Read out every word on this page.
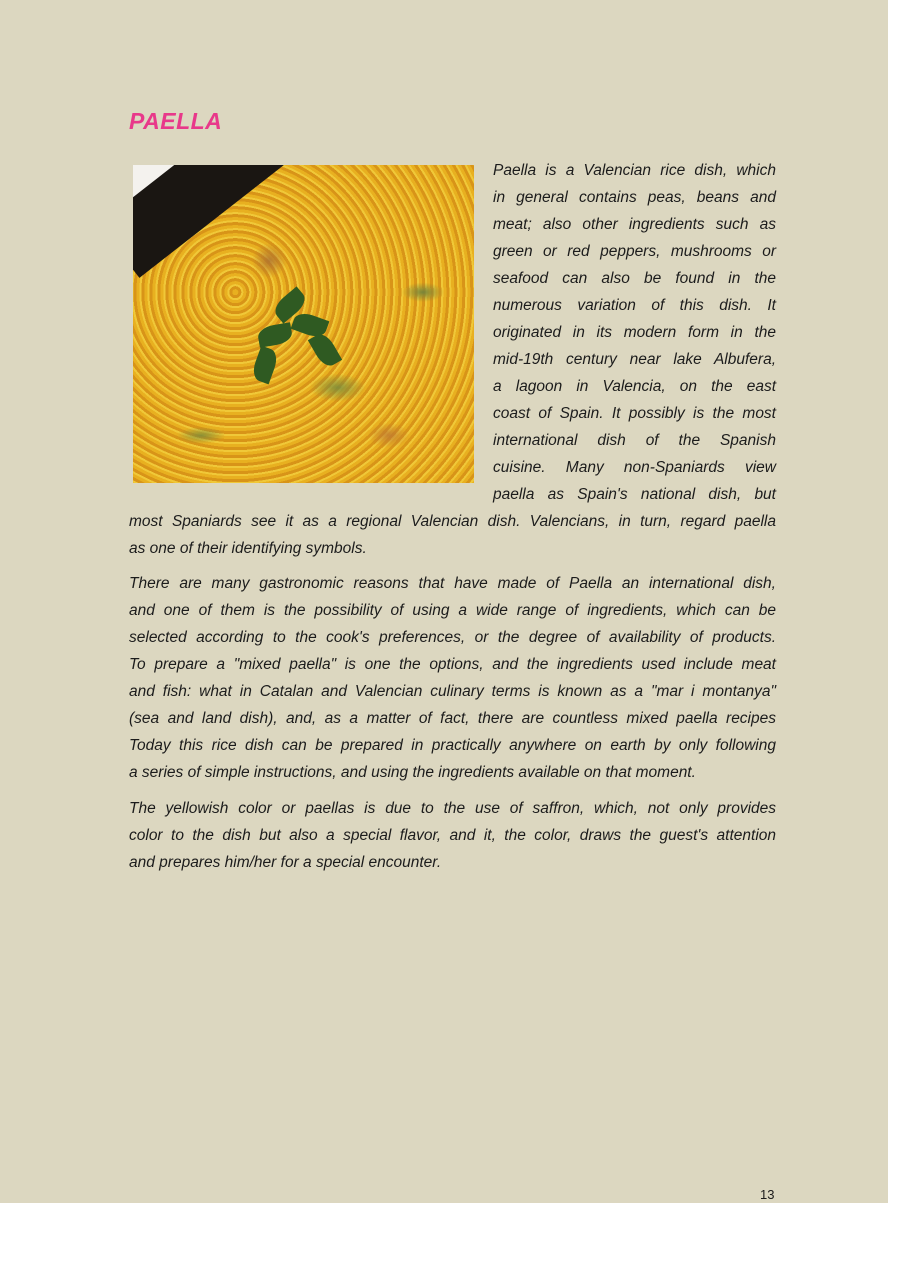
PAELLA
Paella is a Valencian rice dish, which
in general contains peas, beans and
meat; also other ingredients such as
green or red peppers, mushrooms or
seafood can also be found in the
numerous variation of this dish. It
originated in its modern form in the
mid-19th century near lake Albufera,
a lagoon in Valencia, on the east
coast of Spain. It possibly is the most
international dish of the Spanish
cuisine. Many non-Spaniards view
paella as Spain's national dish, but
most Spaniards see it as a regional Valencian dish. Valencians, in turn, regard paella
as one of their identifying symbols.
There are many gastronomic reasons that have made of Paella an international dish,
and one of them is the possibility of using a wide range of ingredients, which can be
selected according to the cook's preferences, or the degree of availability of products.
To prepare a "mixed paella" is one the options, and the ingredients used include meat
and fish: what in Catalan and Valencian culinary terms is known as a "mar i montanya"
(sea and land dish), and, as a matter of fact, there are countless mixed paella recipes
Today this rice dish can be prepared in practically anywhere on earth by only following
a series of simple instructions, and using the ingredients available on that moment.
The yellowish color or paellas is due to the use of saffron, which, not only provides
color to the dish but also a special flavor, and it, the color, draws the guest's attention
and prepares him/her for a special encounter.
13
